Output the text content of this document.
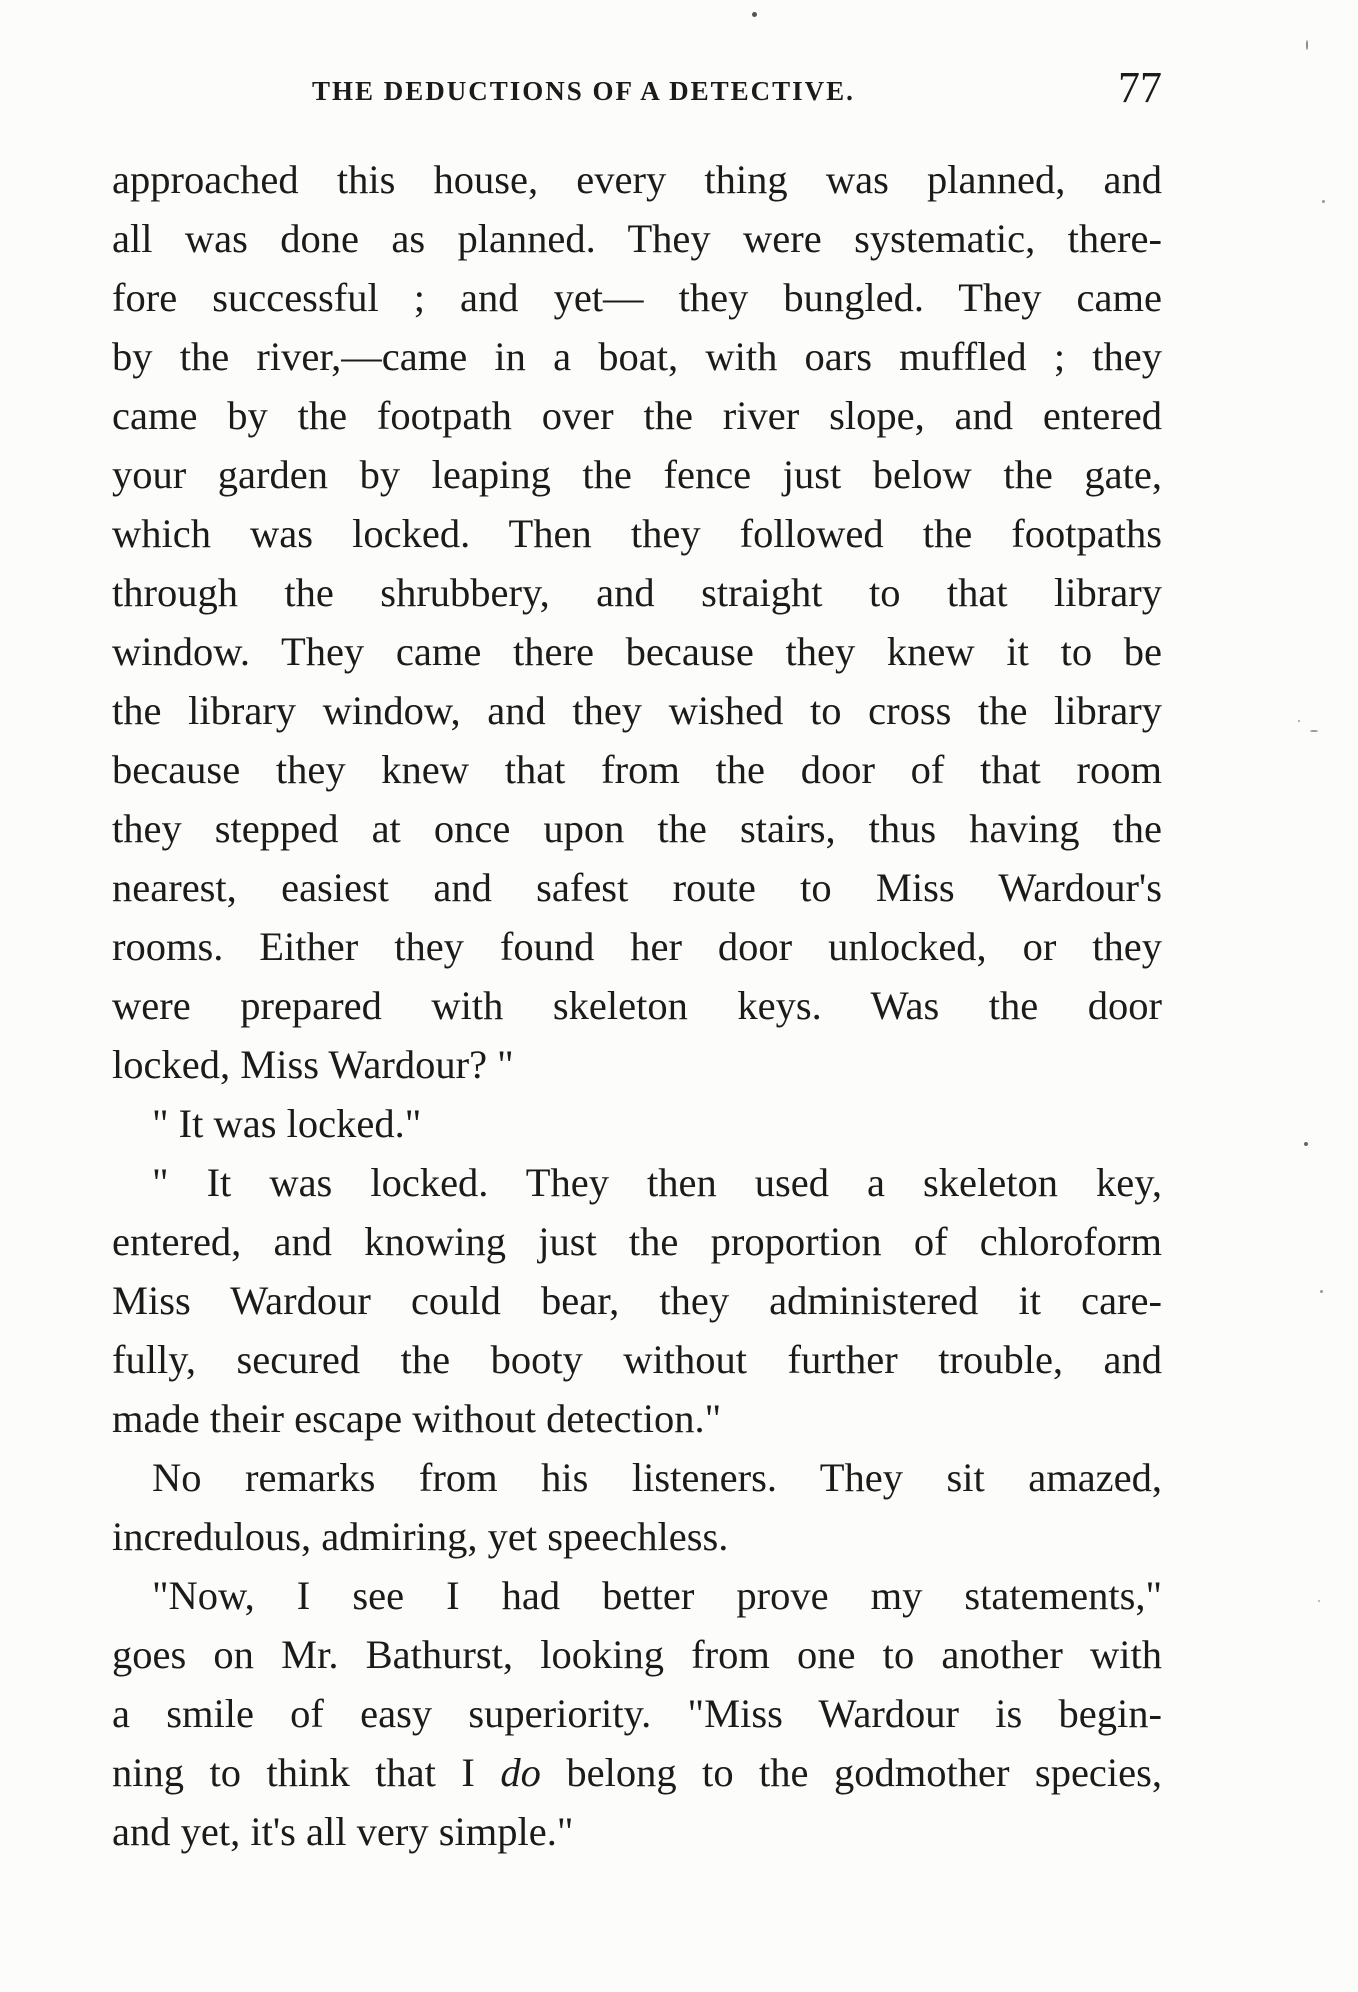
THE DEDUCTIONS OF A DETECTIVE.	77
approached this house, every thing was planned, and
all was done as planned. They were systematic, there-
fore successful ; and yet— they bungled. They came
by the river,—came in a boat, with oars muffled ; they
came by the footpath over the river slope, and entered
your garden by leaping the fence just below the gate,
which was locked. Then they followed the footpaths
through the shrubbery, and straight to that library
window. They came there because they knew it to be
the library window, and they wished to cross the library
because they knew that from the door of that room
they stepped at once upon the stairs, thus having the
nearest, easiest and safest route to Miss Wardour's
rooms. Either they found her door unlocked, or they
were prepared with skeleton keys. Was the door
locked, Miss Wardour? "
" It was locked."
" It was locked. They then used a skeleton key,
entered, and knowing just the proportion of chloroform
Miss Wardour could bear, they administered it care-
fully, secured the booty without further trouble, and
made their escape without detection."
No remarks from his listeners. They sit amazed,
incredulous, admiring, yet speechless.
"Now, I see I had better prove my statements,"
goes on Mr. Bathurst, looking from one to another with
a smile of easy superiority. "Miss Wardour is begin-
ning to think that I do belong to the godmother species,
and yet, it's all very simple."
